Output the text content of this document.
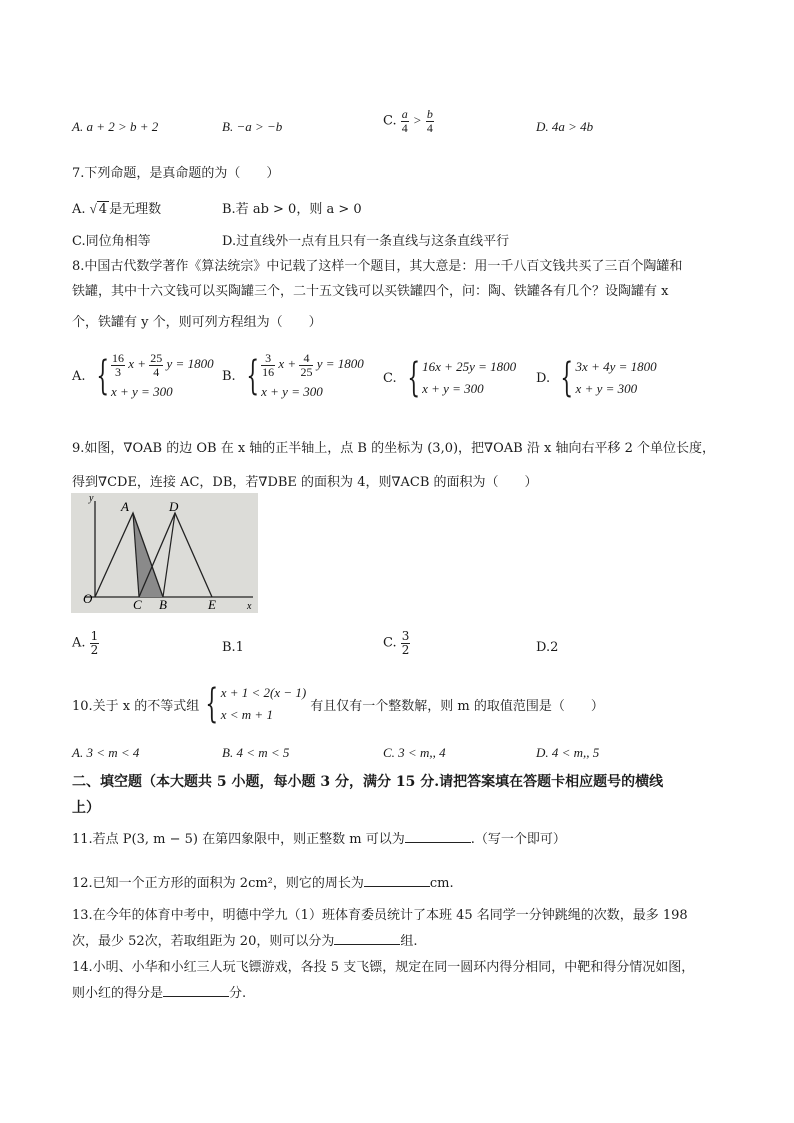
A. a + 2 > b + 2	B. −a > −b	C. $\frac{a}{4} > \frac{b}{4}$	D. 4a > 4b
7.下列命题，是真命题的为（　　）
A. √ 4 是无理数	B.若 ab > 0，则 a > 0
C.同位角相等	D.过直线外一点有且只有一条直线与这条直线平行
8.中国古代数学著作《算法统宗》中记载了这样一个题目，其大意是：用一千八百文钱共买了三百个陶罐和
铁罐，其中十六文钱可以买陶罐三个，二十五文钱可以买铁罐四个，问：陶、铁罐各有几个？设陶罐有 x
个，铁罐有 y 个，则可列方程组为（　　）
A. { $\frac{16}{3}$ $x + \frac{25}{4}$ y = 1800
x + y = 300
B. { $\frac{3}{16}$ $x + \frac{4}{25}$ y = 1800
x + y = 300
C. { 16x + 25y = 1800
x + y = 300
D. { 3x + 4y = 1800
x + y = 300
9.如图，∇OAB 的边 OB 在 x 轴的正半轴上，点 B 的坐标为 (3,0)，把∇OAB 沿 x 轴向右平移 2 个单位长度，
得到∇CDE，连接 AC，DB，若∇DBE 的面积为 4，则∇ACB 的面积为（　　）
y
x
O
A	D
C B	E
A. $\frac{1}{2}$	B.1	C. $\frac{3}{2}$	D.2
10.关于 x 的不等式组 { x + 1 < 2(x − 1)
x < m + 1
有且仅有一个整数解，则 m 的取值范围是（　　）
A. 3 < m < 4	B. 4 < m < 5	C. 3 < m,, 4	D. 4 < m,, 5
二、填空题（本大题共 5 小题，每小题 3 分，满分 15 分.请把答案填在答题卡相应题号的横线
上）
11.若点 P(3, m − 5) 在第四象限中，则正整数 m 可以为	.（写一个即可）
12.已知一个正方形的面积为 2cm²，则它的周长为	cm.
13.在今年的体育中考中，明德中学九（1）班体育委员统计了本班 45 名同学一分钟跳绳的次数，最多 198
次，最少 52次，若取组距为 20，则可以分为	组.
14.小明、小华和小红三人玩飞镖游戏，各投 5 支飞镖，规定在同一圆环内得分相同，中靶和得分情况如图，
则小红的得分是	分.
